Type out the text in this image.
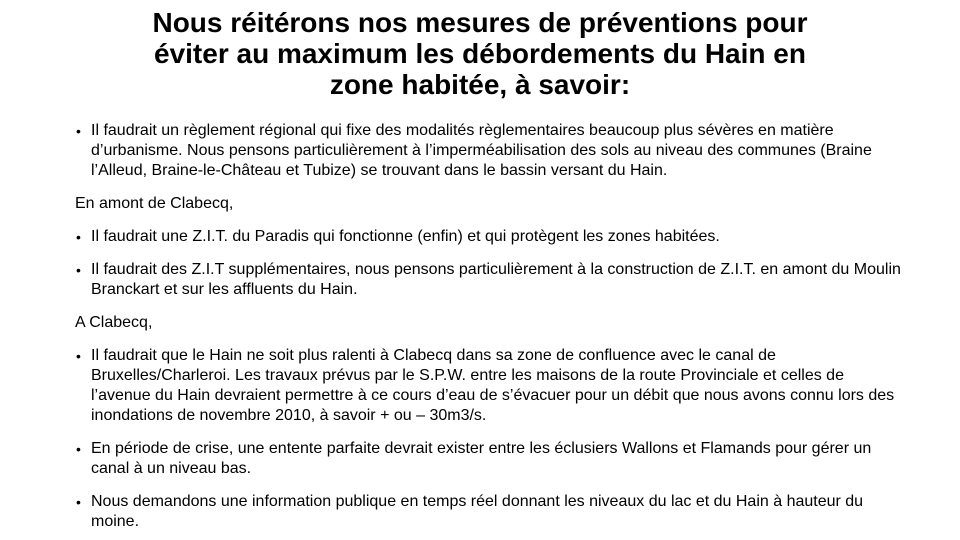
Nous réitérons nos mesures de préventions pour
éviter au maximum les débordements du Hain en
zone habitée, à savoir:
• Il faudrait un règlement régional qui fixe des modalités règlementaires beaucoup plus sévères en matière d’urbanisme. Nous pensons particulièrement à l’imperméabilisation des sols au niveau des communes (Braine l’Alleud, Braine-le-Château et Tubize) se trouvant dans le bassin versant du Hain.
En amont de Clabecq,
• Il faudrait une Z.I.T. du Paradis qui fonctionne (enfin) et qui protègent les zones habitées.
• Il faudrait des Z.I.T supplémentaires, nous pensons particulièrement à la construction de Z.I.T. en amont du Moulin Branckart et sur les affluents du Hain.
A Clabecq,
• Il faudrait que le Hain ne soit plus ralenti à Clabecq dans sa zone de confluence avec le canal de Bruxelles/Charleroi. Les travaux prévus par le S.P.W. entre les maisons de la route Provinciale et celles de l’avenue du Hain devraient permettre à ce cours d’eau de s’évacuer pour un débit que nous avons connu lors des inondations de novembre 2010, à savoir + ou – 30m3/s.
• En période de crise, une entente parfaite devrait exister entre les éclusiers Wallons et Flamands pour gérer un canal à un niveau bas.
• Nous demandons une information publique en temps réel donnant les niveaux du lac et du Hain à hauteur du moine.
